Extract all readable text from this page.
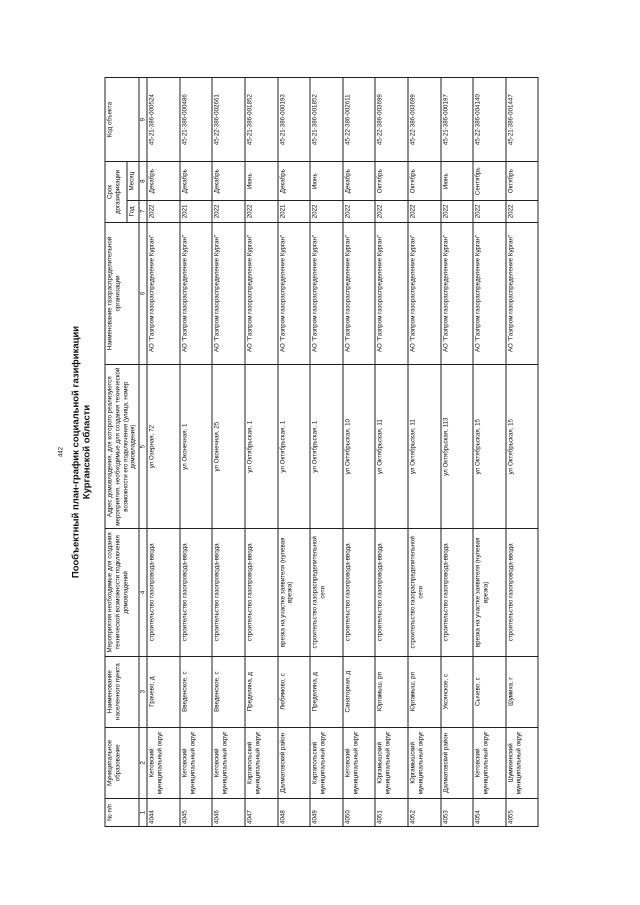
442 Пообъектный план-график социальной газификации Курганской области
№ п/п	Муниципальное образование	Наименование населенного пункта	Мероприятия необходимые для создания технической возможности подключения домовладений	Адрес домовладения, для которого реализуются мероприятия, необходимые для создания технической возможности его подключения (улица, номер домовладения)	Наименование газораспределительной организации	Срок догазификации		Код объекта
						Год	Месяц	
1	2	3	4	5	6	7	8	9
4044	Кетовский муниципальный округ	Грачево, д	строительство газопровода-ввода	ул Озерная, 72	АО "Газпром газораспределение Курган"	2022	Декабрь	45-21-386-000524
4045	Кетовский муниципальный округ	Введенское, с	строительство газопровода-ввода	ул Оконечная, 1	АО "Газпром газораспределение Курган"	2021	Декабрь	45-21-386-000486
4046	Кетовский муниципальный округ	Введенское, с	строительство газопровода-ввода	ул Оконечная, 25	АО "Газпром газораспределение Курган"	2022	Декабрь	45-22-386-002661
4047	Каргапольский муниципальный округ	Пределина, д	строительство газопровода-ввода	ул Октябрьская, 1	АО "Газпром газораспределение Курган"	2022	Июнь	45-21-386-001852
4048	Далматовский район	Любимово, с	врезка на участке заявителя (нулевая врезка)	ул Октябрьская, 1	АО "Газпром газораспределение Курган"	2021	Декабрь	45-21-386-000193
4049	Каргапольский муниципальный округ	Пределина, д	строительство газораспределительной сети	ул Октябрьская, 1	АО "Газпром газораспределение Курган"	2022	Июнь	45-21-386-001852
4050	Кетовский муниципальный округ	Санаторная, д	строительство газопровода-ввода	ул Октябрьская, 10	АО "Газпром газораспределение Курган"	2022	Декабрь	45-22-386-002611
4051	Юргамышский муниципальный округ	Юргамыш, рп	строительство газопровода-ввода	ул Октябрьская, 11	АО "Газпром газораспределение Курган"	2022	Октябрь	45-22-386-003699
4052	Юргамышский муниципальный округ	Юргамыш, рп	строительство газораспределительной сети	ул Октябрьская, 11	АО "Газпром газораспределение Курган"	2022	Октябрь	45-22-386-003699
4053	Далматовский район	Уксянское, с	строительство газопровода-ввода	ул Октябрьская, 113	АО "Газпром газораспределение Курган"	2022	Июнь	45-21-386-000197
4054	Кетовский муниципальный округ	Сычево, с	врезка на участке заявителя (нулевая врезка)	ул Октябрьская, 15	АО "Газпром газораспределение Курган"	2022	Сентябрь	45-22-386-004140
4055	Шумихинский муниципальный округ	Шумиха, г	строительство газопровода-ввода	ул Октябрьская, 15	АО "Газпром газораспределение Курган"	2022	Октябрь	45-21-386-001447
